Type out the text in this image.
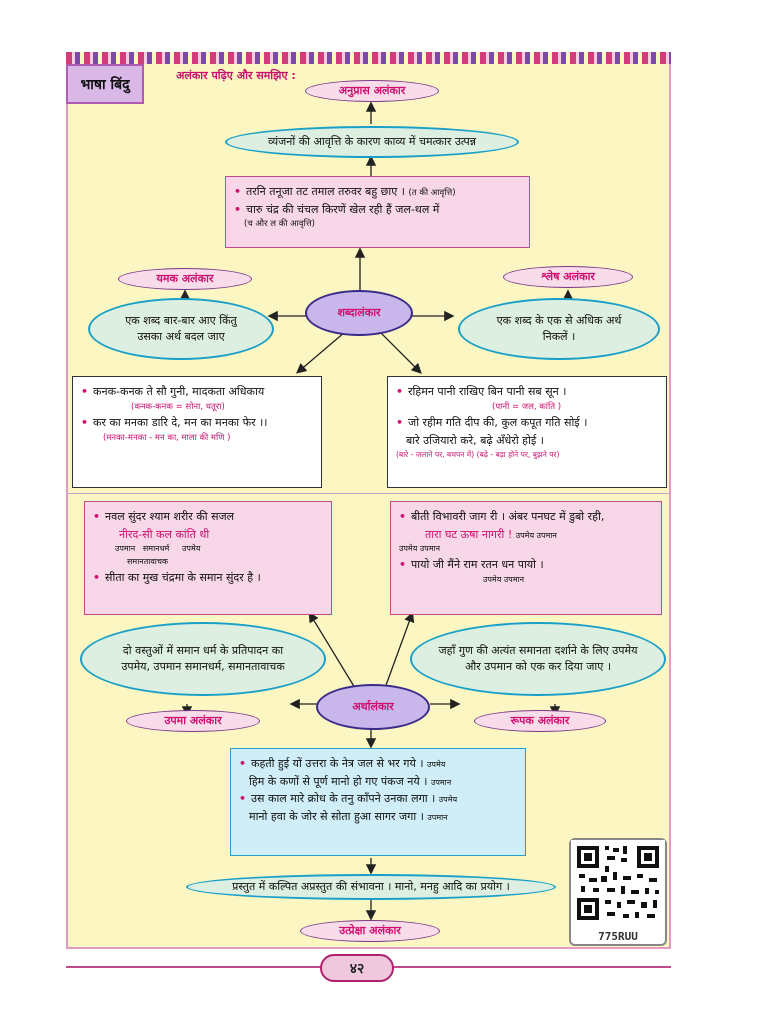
भाषा बिंदु
अलंकार पढ़िए और समझिए :
अनुप्रास अलंकार
व्यंजनों की आवृत्ति के कारण काव्य में चमत्कार उत्पन्न
• तरनि तनूजा तट तमाल तरुवर बहु छाए । (त की आवृत्ति)
• चारु चंद्र की चंचल किरणें खेल रही हैं जल-थल में
(च और ल की आवृत्ति)
यमक अलंकार	श्लेष अलंकार
एक शब्द बार-बार आए किंतु उसका अर्थ बदल जाए
शब्दालंकार
एक शब्द के एक से अधिक अर्थ निकलें ।
• कनक-कनक ते सौ गुनी, मादकता अधिकाय
(कनक-कनक = सोना, धतूरा)
• कर का मनका डारि दे, मन का मनका फेर ।।
(मनका-मनका - मन का, माला की मणि )
• रहिमन पानी राखिए बिन पानी सब सून ।
(पानी = जल, कांति )
• जो रहीम गति दीप की, कुल कपूत गति सोई ।
बारे उजियारो करे, बढ़े अँधेरो होई ।
(बारे - जलाने पर, बचपन में) (बढ़े - बड़ा होने पर, बुझने पर)
• नवल सुंदर श्याम शरीर की सजल
नीरद-सी कल कांति थी
उपमान समानधर्म उपमेय
समानतावाचक
• सीता का मुख चंद्रमा के समान सुंदर है ।
• बीती विभावरी जाग री । अंबर पनघट में डुबो रही,
तारा घट ऊषा नागरी ! उपमेय उपमान
उपमेय उपमान
• पायो जी मैंने राम रतन धन पायो ।
उपमेय उपमान
दो वस्तुओं में समान धर्म के प्रतिपादन का उपमेय, उपमान समानधर्म, समानतावाचक
अर्थालंकार
जहाँ गुण की अत्यंत समानता दर्शाने के लिए उपमेय और उपमान को एक कर दिया जाए ।
उपमा अलंकार	रूपक अलंकार
• कहती हुई यों उत्तरा के नेत्र जल से भर गये । उपमेय
हिम के कणों से पूर्ण मानो हो गए पंकज नये । उपमान
• उस काल मारे क्रोध के तनु काँपने उनका लगा । उपमेय
मानो हवा के जोर से सोता हुआ सागर जगा । उपमान
प्रस्तुत में कल्पित अप्रस्तुत की संभावना । मानो, मनहु आदि का प्रयोग ।
उत्प्रेक्षा अलंकार	775RUU
४२
